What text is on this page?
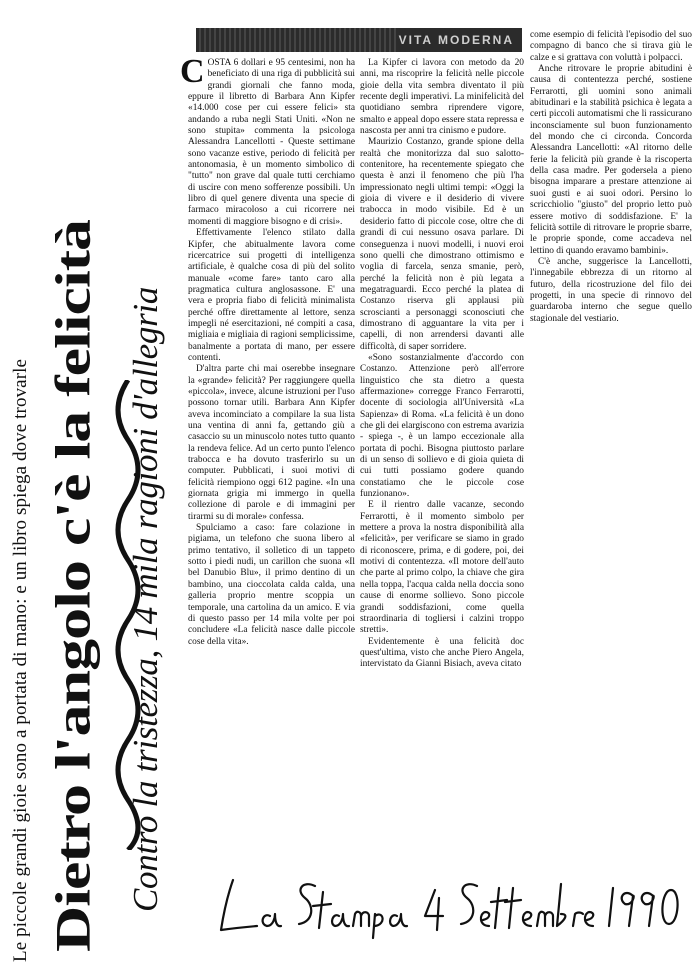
Le piccole grandi gioie sono a portata di mano: e un libro spiega dove trovarle Dietro l'angolo c'è la felicità Contro la tristezza, 14 mila ragioni d'allegria
VITA MODERNA
C OSTA 6 dollari e 95 centesimi, non ha beneficiato di una riga di pubblicità sui grandi giornali che fanno moda, eppure il libretto di Barbara Ann Kipfer «14.000 cose per cui essere felici» sta andando a ruba negli Stati Uniti. «Non ne sono stupita» commenta la psicologa Alessandra Lancellotti - Queste settimane sono vacanze estive, periodo di felicità per antonomasia, è un momento simbolico di "tutto" non grave dal quale tutti cerchiamo di uscire con meno sofferenze possibili. Un libro di quel genere diventa una specie di farmaco miracoloso a cui ricorrere nei momenti di maggiore bisogno e di crisi».

Effettivamente l'elenco stilato dalla Kipfer, che abitualmente lavora come ricercatrice sui progetti di intelligenza artificiale, è qualche cosa di più del solito manuale «come fare» tanto caro alla pragmatica cultura anglosassone. E' una vera e propria fiabo di felicità minimalista perché offre direttamente al lettore, senza impegli né esercitazioni, né compiti a casa, migliaia e migliaia di ragioni semplicissime, banalmente a portata di mano, per essere contenti.

D'altra parte chi mai oserebbe insegnare la «grande» felicità? Per raggiungere quella «piccola», invece, alcune istruzioni per l'uso possono tornar utili. Barbara Ann Kipfer aveva incominciato a compilare la sua lista una ventina di anni fa, gettando giù a casaccio su un minuscolo notes tutto quanto la rendeva felice. Ad un certo punto l'elenco trabocca e ha dovuto trasferirlo su un computer. Pubblicati, i suoi motivi di felicità riempiono oggi 612 pagine. «In una giornata grigia mi immergo in quella collezione di parole e di immagini per tirarmi su di morale» confessa.

Spulciamo a caso: fare colazione in pigiama, un telefono che suona libero al primo tentativo, il solletico di un tappeto sotto i piedi nudi, un carillon che suona «Il bel Danubio Blu», il primo dentino di un bambino, una cioccolata calda calda, una galleria proprio mentre scoppia un temporale, una cartolina da un amico. E via di questo passo per 14 mila volte per poi concludere «La felicità nasce dalle piccole cose della vita».

La Kipfer ci lavora con metodo da 20 anni, ma riscoprire la felicità nelle piccole gioie della vita sembra diventato il più recente degli imperativi. La minifelicità del quotidiano sembra riprendere vigore, smalto e appeal dopo essere stata repressa e nascosta per anni tra cinismo e pudore.

Maurizio Costanzo, grande spione della realtà che monitorizza dal suo salotto-contenitore, ha recentemente spiegato che questa è anzi il fenomeno che più l'ha impressionato negli ultimi tempi: «Oggi la gioia di vivere e il desiderio di vivere trabocca in modo visibile. Ed è un desiderio fatto di piccole cose, oltre che di grandi di cui nessuno osava parlare. Di conseguenza i nuovi modelli, i nuovi eroi sono quelli che dimostrano ottimismo e voglia di farcela, senza smanie, però, perché la felicità non è più legata a megatraguardi. Ecco perché la platea di Costanzo riserva gli applausi più scroscianti a personaggi sconosciuti che dimostrano di agguantare la vita per i capelli, di non arrendersi davanti alle difficoltà, di saper sorridere.

«Sono sostanzialmente d'accordo con Costanzo. Attenzione però all'errore linguistico che sta dietro a questa affermazione» corregge Franco Ferrarotti, docente di sociologia all'Università «La Sapienza» di Roma. «La felicità è un dono che gli dei elargiscono con estrema avarizia - spiega -, è un lampo eccezionale alla portata di pochi. Bisogna piuttosto parlare di un senso di sollievo e di gioia quieta di cui tutti possiamo godere quando constatiamo che le piccole cose funzionano».

E il rientro dalle vacanze, secondo Ferrarotti, è il momento simbolo per mettere a prova la nostra disponibilità alla «felicità», per verificare se siamo in grado di riconoscere, prima, e di godere, poi, dei motivi di contentezza. «Il motore dell'auto che parte al primo colpo, la chiave che gira nella toppa, l'acqua calda nella doccia sono cause di enorme sollievo. Sono piccole grandi soddisfazioni, come quella straordinaria di togliersi i calzini troppo stretti».

Evidentemente è una felicità doc quest'ultima, visto che anche Piero Angela, intervistato da Gianni Bisiach, aveva citato

come esempio di felicità l'episodio del suo compagno di banco che si tirava giù le calze e si grattava con voluttà i polpacci.

Anche ritrovare le proprie abitudini è causa di contentezza perché, sostiene Ferrarotti, gli uomini sono animali abitudinari e la stabilità psichica è legata a certi piccoli automatismi che li rassicurano inconsciamente sul buon funzionamento del mondo che ci circonda. Concorda Alessandra Lancellotti: «Al ritorno delle ferie la felicità più grande è la riscoperta della casa madre. Per godersela a pieno bisogna imparare a prestare attenzione ai suoi gusti e ai suoi odori. Persino lo scricchiolio "giusto" del proprio letto può essere motivo di soddisfazione. E' la felicità sottile di ritrovare le proprie sbarre, le proprie sponde, come accadeva nel lettino di quando eravamo bambini».

C'è anche, suggerisce la Lancellotti, l'innegabile ebbrezza di un ritorno al futuro, della ricostruzione del filo dei progetti, in una specie di rinnovo del guardaroba interno che segue quello stagionale del vestiario.
